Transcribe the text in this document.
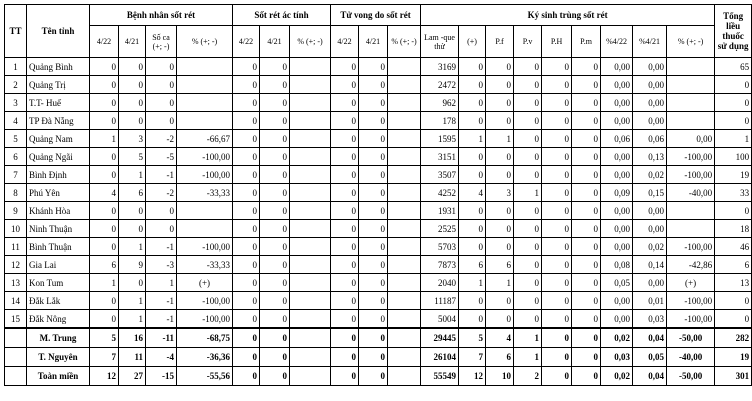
TT	Tên tỉnh	Bệnh nhân sốt rét				Sốt rét ác tính			Tử vong do sốt rét			Ký sinh trùng sốt rét									Tổng liều thuốc sử dụng
		4/22	4/21	Số ca (+; -)	% (+; -)	4/22	4/21	% (+; -)	4/22	4/21	% (+; -)	Lam -que thử	(+)	P.f	P.v	P.H	P.m	%4/22	%4/21	% (+; -)	
1	Quảng Bình	0	0	0		0	0		0	0		3169	0	0	0	0	0	0,00	0,00		65
2	Quảng Trị	0	0	0		0	0		0	0		2472	0	0	0	0	0	0,00	0,00		0
3	T.T- Huế	0	0	0		0	0		0	0		962	0	0	0	0	0	0,00	0,00		0
4	TP Đà Nẵng	0	0	0		0	0		0	0		178	0	0	0	0	0	0,00	0,00		0
5	Quảng Nam	1	3	-2	-66,67	0	0		0	0		1595	1	1	0	0	0	0,06	0,06	0,00	1
6	Quảng Ngãi	0	5	-5	-100,00	0	0		0	0		3151	0	0	0	0	0	0,00	0,13	-100,00	100
7	Bình Định	0	1	-1	-100,00	0	0		0	0		3507	0	0	0	0	0	0,00	0,02	-100,00	19
8	Phú Yên	4	6	-2	-33,33	0	0		0	0		4252	4	3	1	0	0	0,09	0,15	-40,00	33
9	Khánh Hòa	0	0	0		0	0		0	0		1931	0	0	0	0	0	0,00	0,00		0
10	Ninh Thuận	0	0	0		0	0		0	0		2525	0	0	0	0	0	0,00	0,00		18
11	Bình Thuận	0	1	-1	-100,00	0	0		0	0		5703	0	0	0	0	0	0,00	0,02	-100,00	46
12	Gia Lai	6	9	-3	-33,33	0	0		0	0		7873	6	6	0	0	0	0,08	0,14	-42,86	6
13	Kon Tum	1	0	1	(+)	0	0		0	0		2040	1	1	0	0	0	0,05	0,00	(+)	13
14	Đắk Lắk	0	1	-1	-100,00	0	0		0	0		11187	0	0	0	0	0	0,00	0,01	-100,00	0
15	Đắk Nông	0	1	-1	-100,00	0	0		0	0		5004	0	0	0	0	0	0,00	0,03	-100,00	0
	M. Trung	5	16	-11	-68,75	0	0		0	0		29445	5	4	1	0	0	0,02	0,04	-50,00	282
	T. Nguyên	7	11	-4	-36,36	0	0		0	0		26104	7	6	1	0	0	0,03	0,05	-40,00	19
	Toàn miền	12	27	-15	-55,56	0	0		0	0		55549	12	10	2	0	0	0,02	0,04	-50,00	301
